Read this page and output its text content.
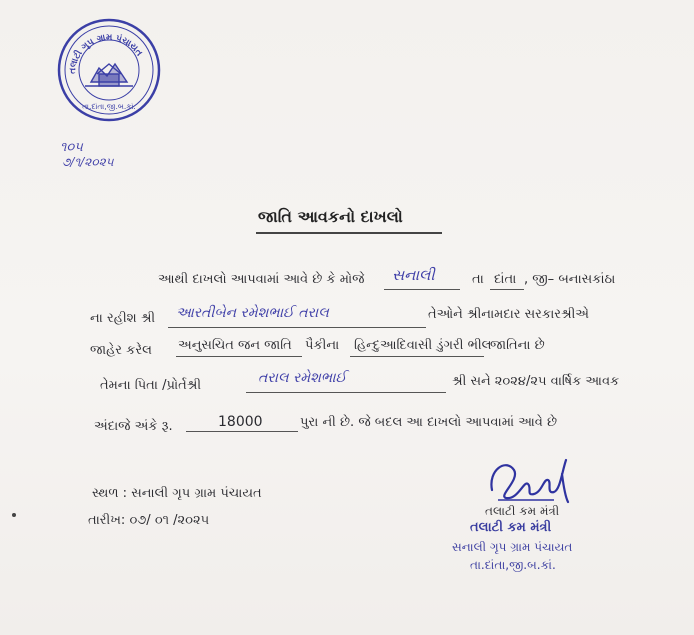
તલાટી ગૃપ ગ્રામ પંચાયત
તા.દાંતા,જી.બ.કાં.
૧૦૫
૭/૧/૨૦૨૫
જાતિ આવકનો દાખલો
આથી દાખલો આપવામાં આવે છે કે મોજે સનાલી	તા દાંતા , જી– બનાસકાંઠા
ના રહીશ શ્રી આરતીબેન રમેશભાઈ તરાલ	તેઓને શ્રીનામદાર સરકારશ્રીએ
જાહેર કરેલ અનુસચિત જન જાતિ પૈકીના હિન્દુઆદિવાસી ડુંગરી ભીલ
જાતિના છે
તેમના પિતા /પ્રોર્તશ્રી	તરાલ રમેશભાઈ	શ્રી સને ૨૦૨૪/૨૫ વાર્ષિક આવક
અંદાજે અંકે રૂ.	18000	પુરા ની છે. જે બદલ આ દાખલો આપવામાં આવે છે
સ્થળ : સનાલી ગૃપ ગ્રામ પંચાયત
તારીખ: ૦૭/ ૦૧ /૨૦૨૫
તલાટી કમ મંત્રી
તલાટી કમ મંત્રી
સનાલી ગૃપ ગ્રામ પંચાયત
તા.દાંતા,જી.બ.કાં.
